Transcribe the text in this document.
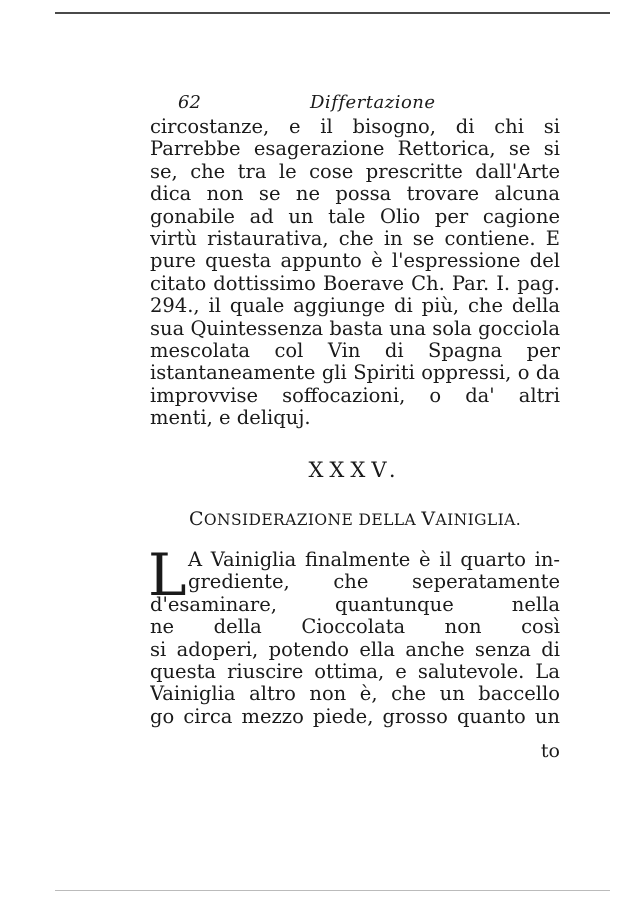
62	Differtazione
circostanze, e il bisogno, di chi si
Parrebbe esagerazione Rettorica, se si
se, che tra le cose prescritte dall'Arte
dica non se ne possa trovare alcuna
gonabile ad un tale Olio per cagione
virtù ristaurativa, che in se contiene. E
pure questa appunto è l'espressione del
citato dottissimo Boerave Ch. Par. I. pag.
294., il quale aggiunge di più, che della
sua Quintessenza basta una sola gocciola
mescolata col Vin di Spagna per
istantaneamente gli Spiriti oppressi, o da
improvvise soffocazioni, o da' altri
menti, e deliquj.
XXXV.
CONSIDERAZIONE DELLA VAINIGLIA.
L A Vainiglia finalmente è il quarto in-
grediente, che seperatamente
d'esaminare, quantunque nella
ne della Cioccolata non così
si adoperi, potendo ella anche senza di
questa riuscire ottima, e salutevole. La
Vainiglia altro non è, che un baccello
go circa mezzo piede, grosso quanto un
to
